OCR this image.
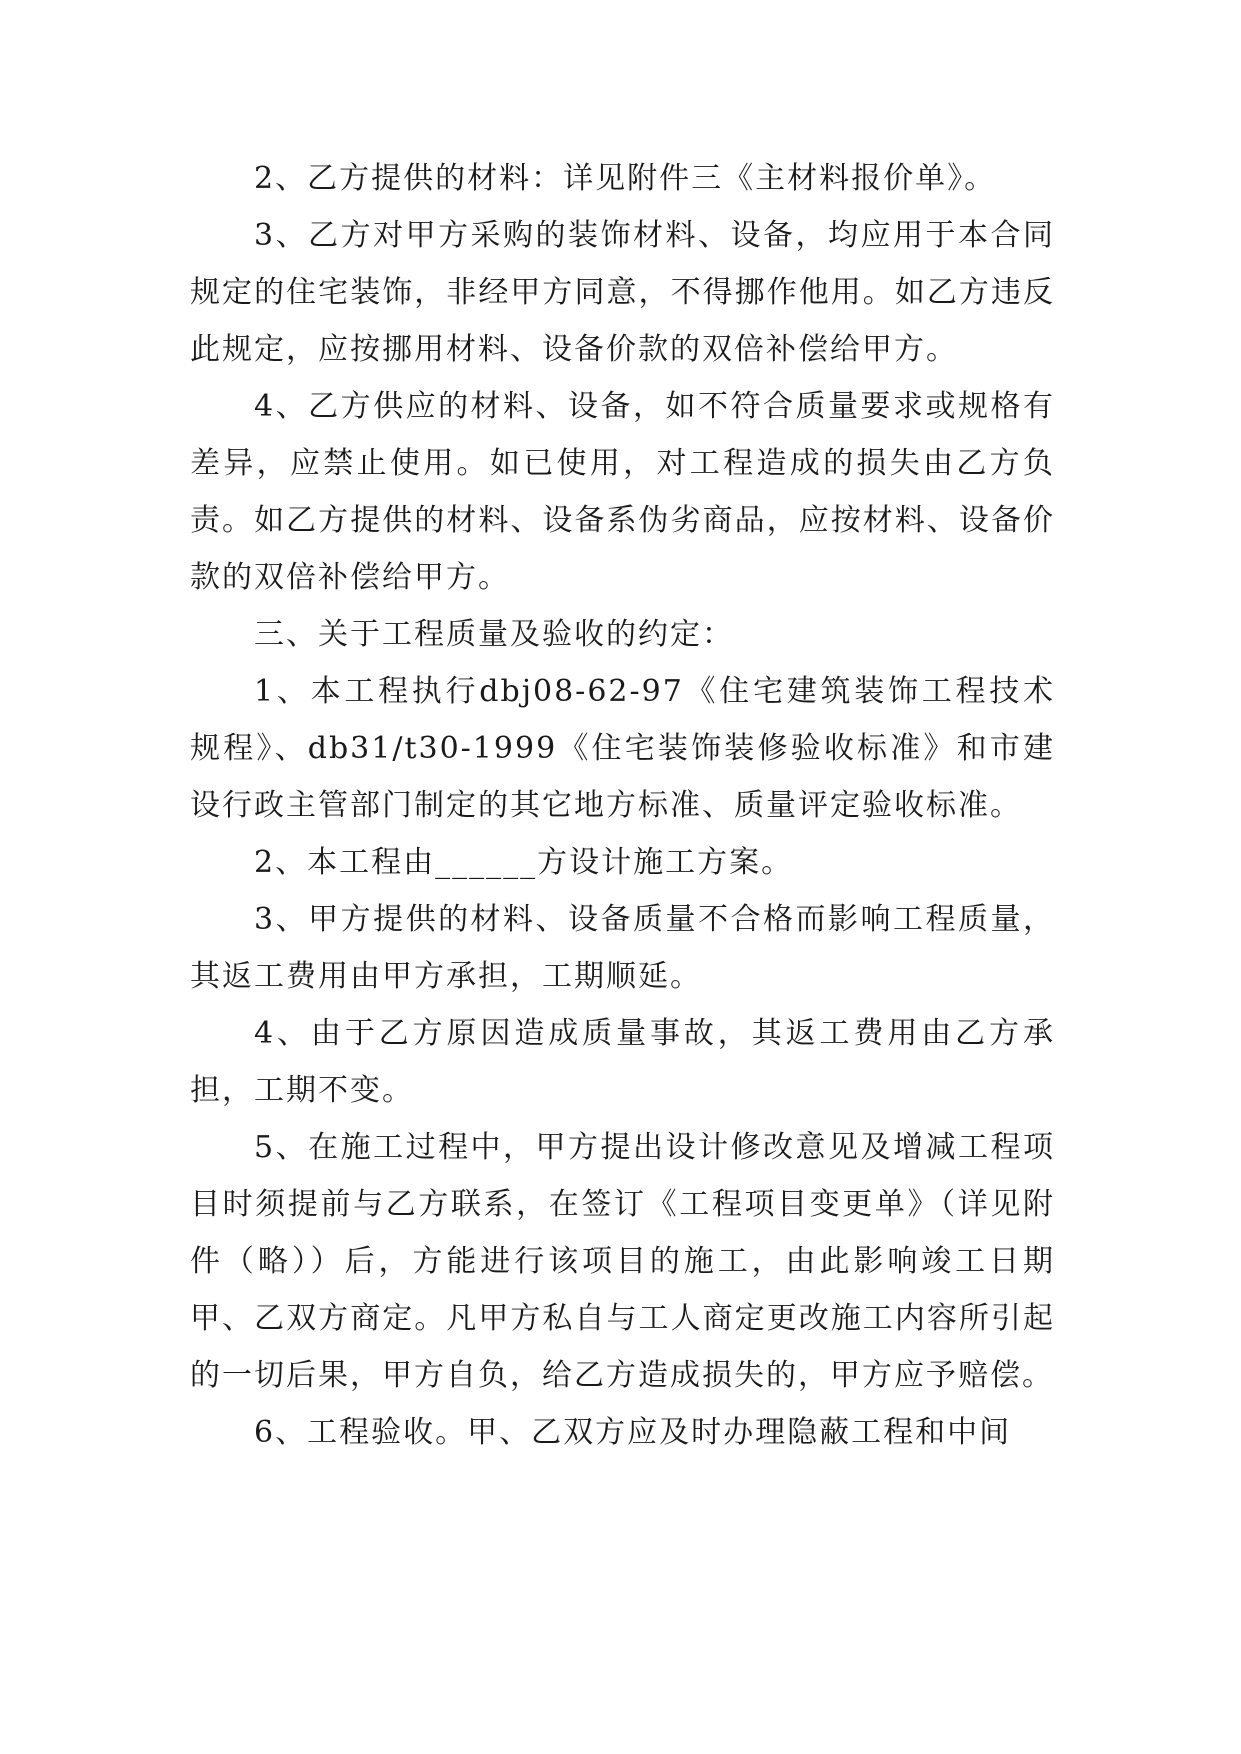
2、乙方提供的材料：详见附件三《主材料报价单》。

3、乙方对甲方采购的装饰材料、设备，均应用于本合同规定的住宅装饰，非经甲方同意，不得挪作他用。如乙方违反此规定，应按挪用材料、设备价款的双倍补偿给甲方。

4、乙方供应的材料、设备，如不符合质量要求或规格有差异，应禁止使用。如已使用，对工程造成的损失由乙方负责。如乙方提供的材料、设备系伪劣商品，应按材料、设备价款的双倍补偿给甲方。

三、关于工程质量及验收的约定：

1、本工程执行dbj08-62-97《住宅建筑装饰工程技术规程》、db31/t30-1999《住宅装饰装修验收标准》和市建设行政主管部门制定的其它地方标准、质量评定验收标准。

2、本工程由______方设计施工方案。

3、甲方提供的材料、设备质量不合格而影响工程质量，其返工费用由甲方承担，工期顺延。

4、由于乙方原因造成质量事故，其返工费用由乙方承担，工期不变。

5、在施工过程中，甲方提出设计修改意见及增减工程项目时须提前与乙方联系，在签订《工程项目变更单》（详见附件（略））后，方能进行该项目的施工，由此影响竣工日期甲、乙双方商定。凡甲方私自与工人商定更改施工内容所引起的一切后果，甲方自负，给乙方造成损失的，甲方应予赔偿。

6、工程验收。甲、乙双方应及时办理隐蔽工程和中间
